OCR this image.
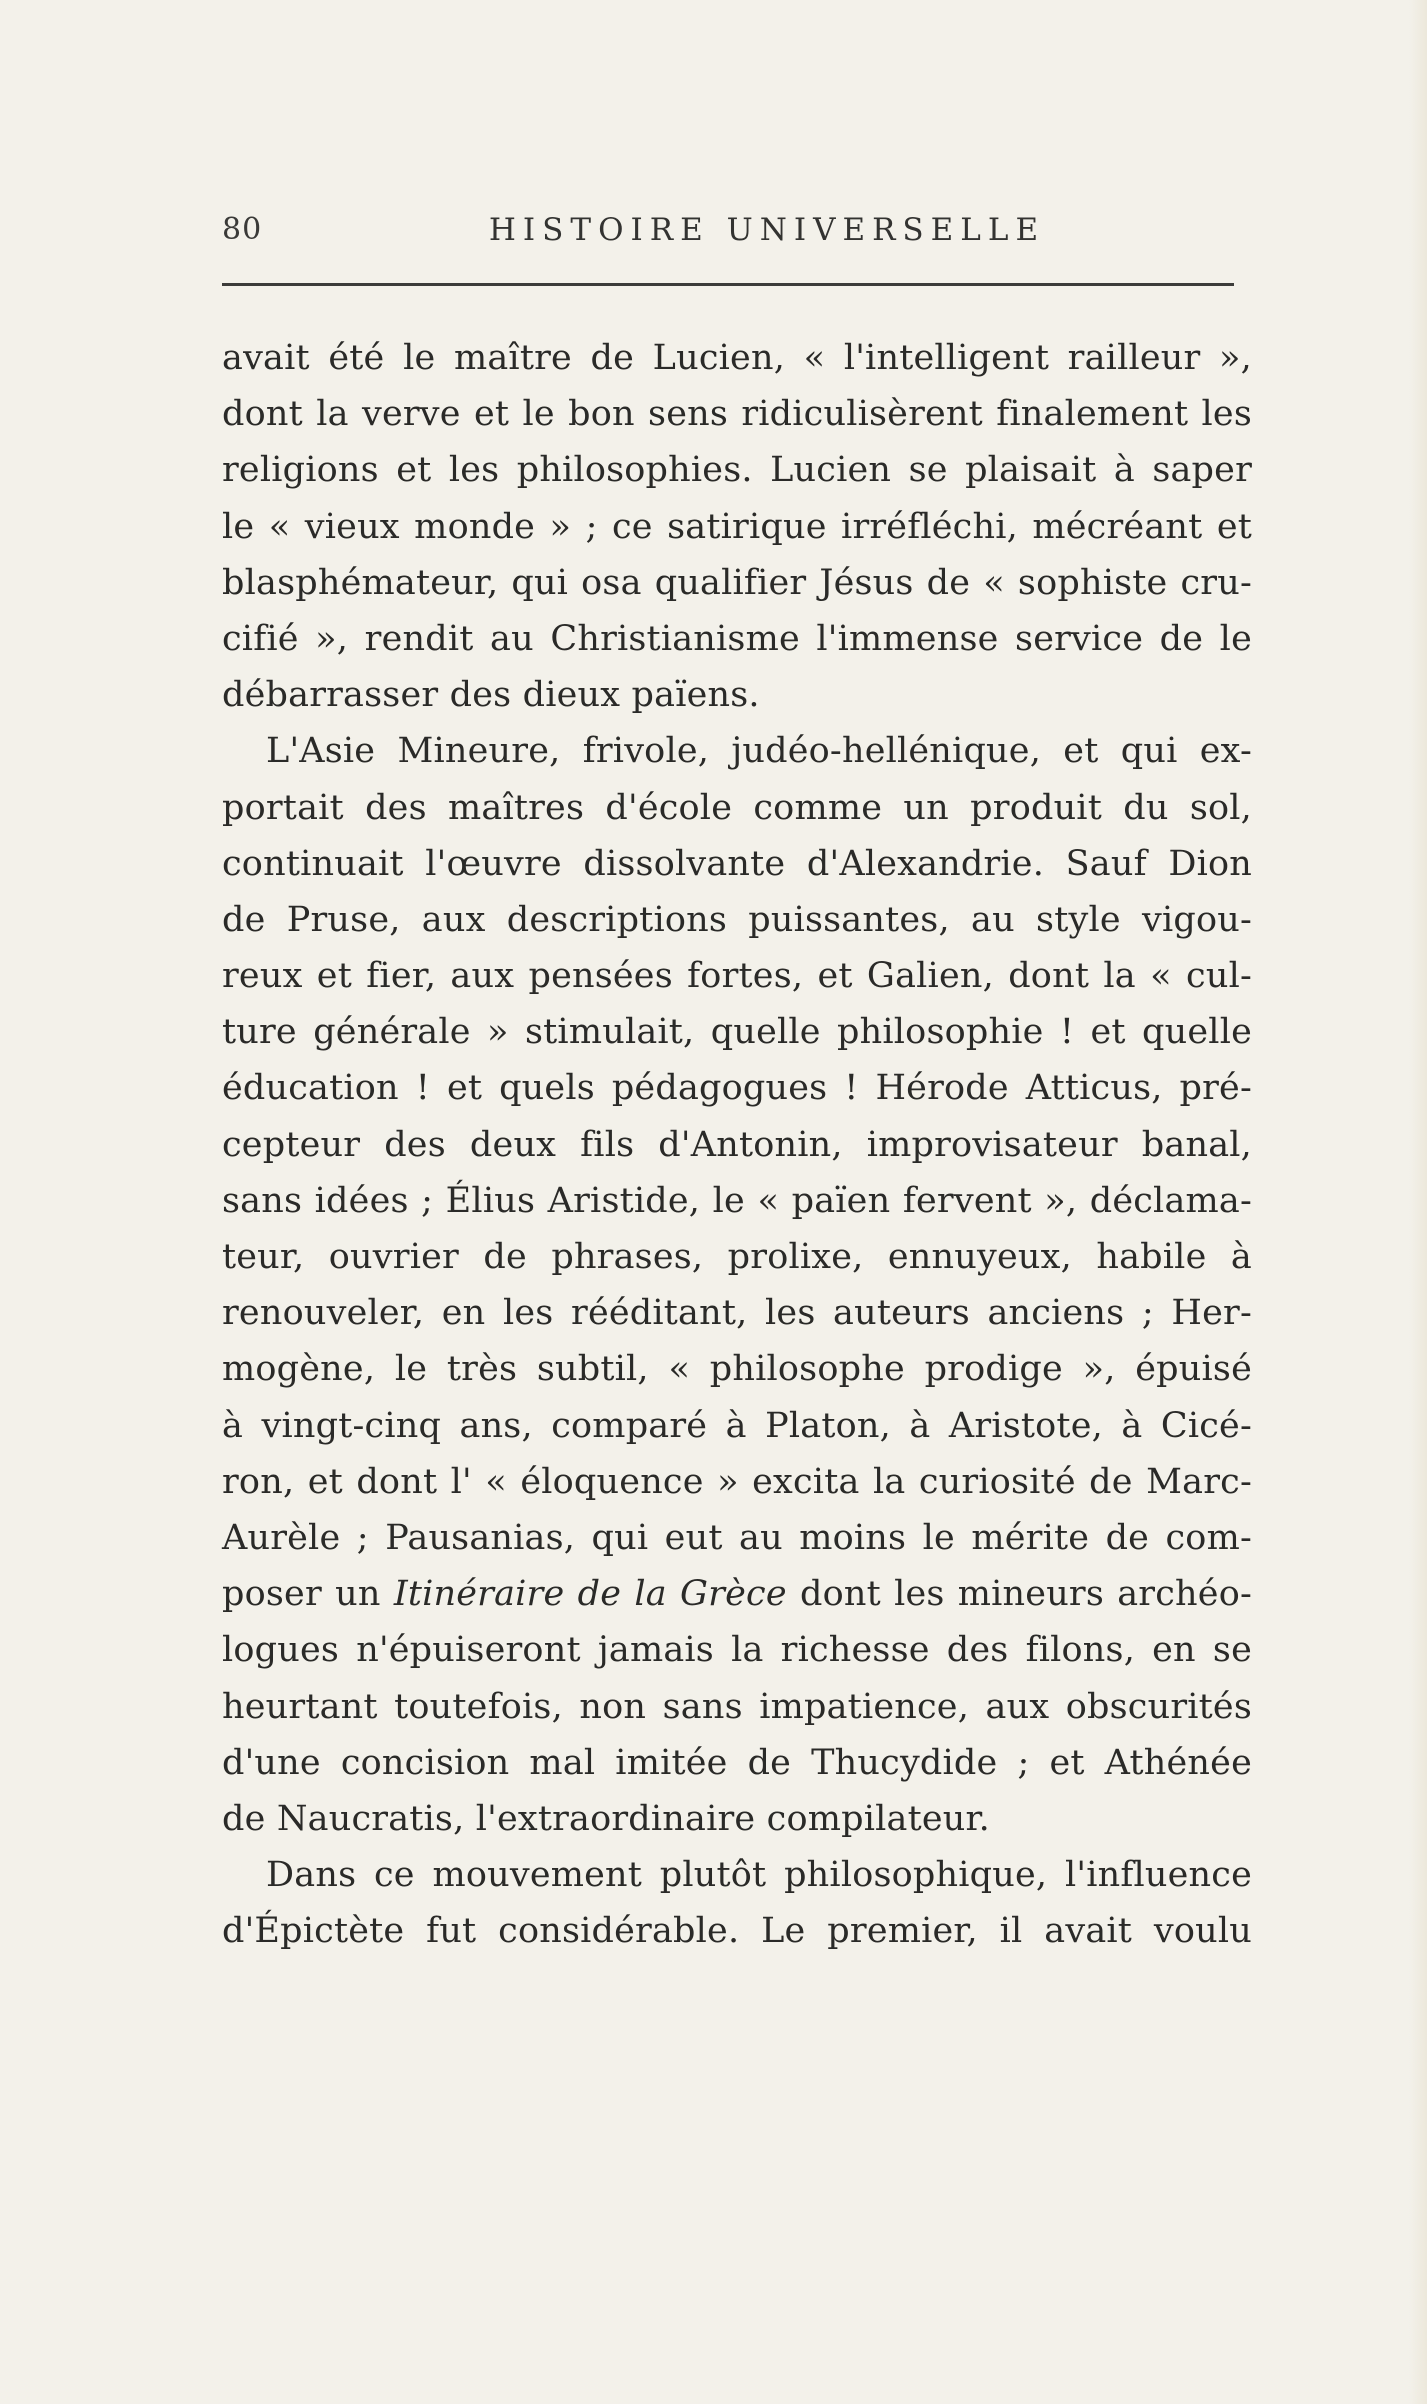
80	HISTOIRE UNIVERSELLE
avait été le maître de Lucien, « l'intelligent railleur »,
dont la verve et le bon sens ridiculisèrent finalement les
religions et les philosophies. Lucien se plaisait à saper
le « vieux monde » ; ce satirique irréfléchi, mécréant et
blasphémateur, qui osa qualifier Jésus de « sophiste cru-
cifié », rendit au Christianisme l'immense service de le
débarrasser des dieux païens.
L'Asie Mineure, frivole, judéo-hellénique, et qui ex-
portait des maîtres d'école comme un produit du sol,
continuait l'œuvre dissolvante d'Alexandrie. Sauf Dion
de Pruse, aux descriptions puissantes, au style vigou-
reux et fier, aux pensées fortes, et Galien, dont la « cul-
ture générale » stimulait, quelle philosophie ! et quelle
éducation ! et quels pédagogues ! Hérode Atticus, pré-
cepteur des deux fils d'Antonin, improvisateur banal,
sans idées ; Élius Aristide, le « païen fervent », déclama-
teur, ouvrier de phrases, prolixe, ennuyeux, habile à
renouveler, en les rééditant, les auteurs anciens ; Her-
mogène, le très subtil, « philosophe prodige », épuisé
à vingt-cinq ans, comparé à Platon, à Aristote, à Cicé-
ron, et dont l' « éloquence » excita la curiosité de Marc-
Aurèle ; Pausanias, qui eut au moins le mérite de com-
poser un Itinéraire de la Grèce dont les mineurs archéo-
logues n'épuiseront jamais la richesse des filons, en se
heurtant toutefois, non sans impatience, aux obscurités
d'une concision mal imitée de Thucydide ; et Athénée
de Naucratis, l'extraordinaire compilateur.
Dans ce mouvement plutôt philosophique, l'influence
d'Épictète fut considérable. Le premier, il avait voulu
